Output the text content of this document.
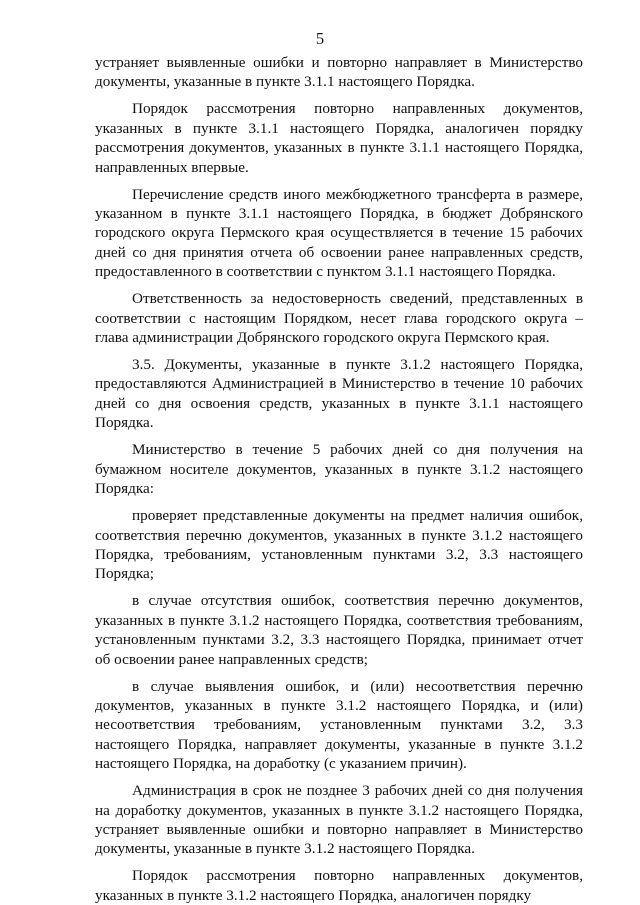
5

устраняет выявленные ошибки и повторно направляет в Министерство документы, указанные в пункте 3.1.1 настоящего Порядка.

Порядок рассмотрения повторно направленных документов, указанных в пункте 3.1.1 настоящего Порядка, аналогичен порядку рассмотрения документов, указанных в пункте 3.1.1 настоящего Порядка, направленных впервые.

Перечисление средств иного межбюджетного трансферта в размере, указанном в пункте 3.1.1 настоящего Порядка, в бюджет Добрянского городского округа Пермского края осуществляется в течение 15 рабочих дней со дня принятия отчета об освоении ранее направленных средств, предоставленного в соответствии с пунктом 3.1.1 настоящего Порядка.

Ответственность за недостоверность сведений, представленных в соответствии с настоящим Порядком, несет глава городского округа – глава администрации Добрянского городского округа Пермского края.

3.5. Документы, указанные в пункте 3.1.2 настоящего Порядка, предоставляются Администрацией в Министерство в течение 10 рабочих дней со дня освоения средств, указанных в пункте 3.1.1 настоящего Порядка.

Министерство в течение 5 рабочих дней со дня получения на бумажном носителе документов, указанных в пункте 3.1.2 настоящего Порядка:

проверяет представленные документы на предмет наличия ошибок, соответствия перечню документов, указанных в пункте 3.1.2 настоящего Порядка, требованиям, установленным пунктами 3.2, 3.3 настоящего Порядка;

в случае отсутствия ошибок, соответствия перечню документов, указанных в пункте 3.1.2 настоящего Порядка, соответствия требованиям, установленным пунктами 3.2, 3.3 настоящего Порядка, принимает отчет об освоении ранее направленных средств;

в случае выявления ошибок, и (или) несоответствия перечню документов, указанных в пункте 3.1.2 настоящего Порядка, и (или) несоответствия требованиям, установленным пунктами 3.2, 3.3 настоящего Порядка, направляет документы, указанные в пункте 3.1.2 настоящего Порядка, на доработку (с указанием причин).

Администрация в срок не позднее 3 рабочих дней со дня получения на доработку документов, указанных в пункте 3.1.2 настоящего Порядка, устраняет выявленные ошибки и повторно направляет в Министерство документы, указанные в пункте 3.1.2 настоящего Порядка.

Порядок рассмотрения повторно направленных документов, указанных в пункте 3.1.2 настоящего Порядка, аналогичен порядку
